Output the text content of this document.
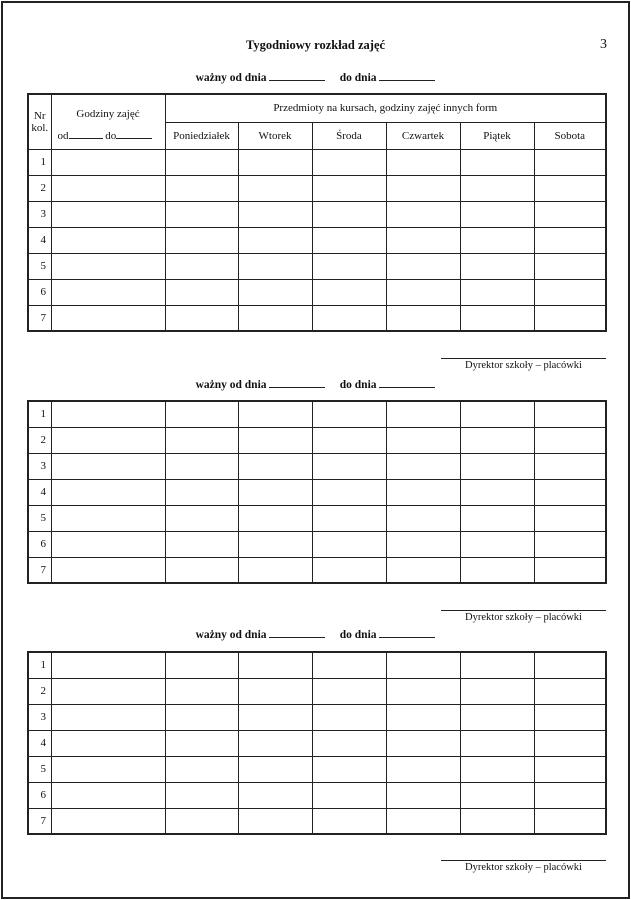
Tygodniowy rozkład zajęć	3
ważny od dnia	do dnia
Nr kol.	Godziny zajęć	Przedmioty na kursach, godziny zajęć innych form					
	od do	Poniedziałek	Wtorek	Środa	Czwartek	Piątek	Sobota
1							
2							
3							
4							
5							
6							
7							
Dyrektor szkoły – placówki
ważny od dnia	do dnia
1							
2							
3							
4							
5							
6							
7							
Dyrektor szkoły – placówki
ważny od dnia	do dnia
1							
2							
3							
4							
5							
6							
7							
Dyrektor szkoły – placówki
